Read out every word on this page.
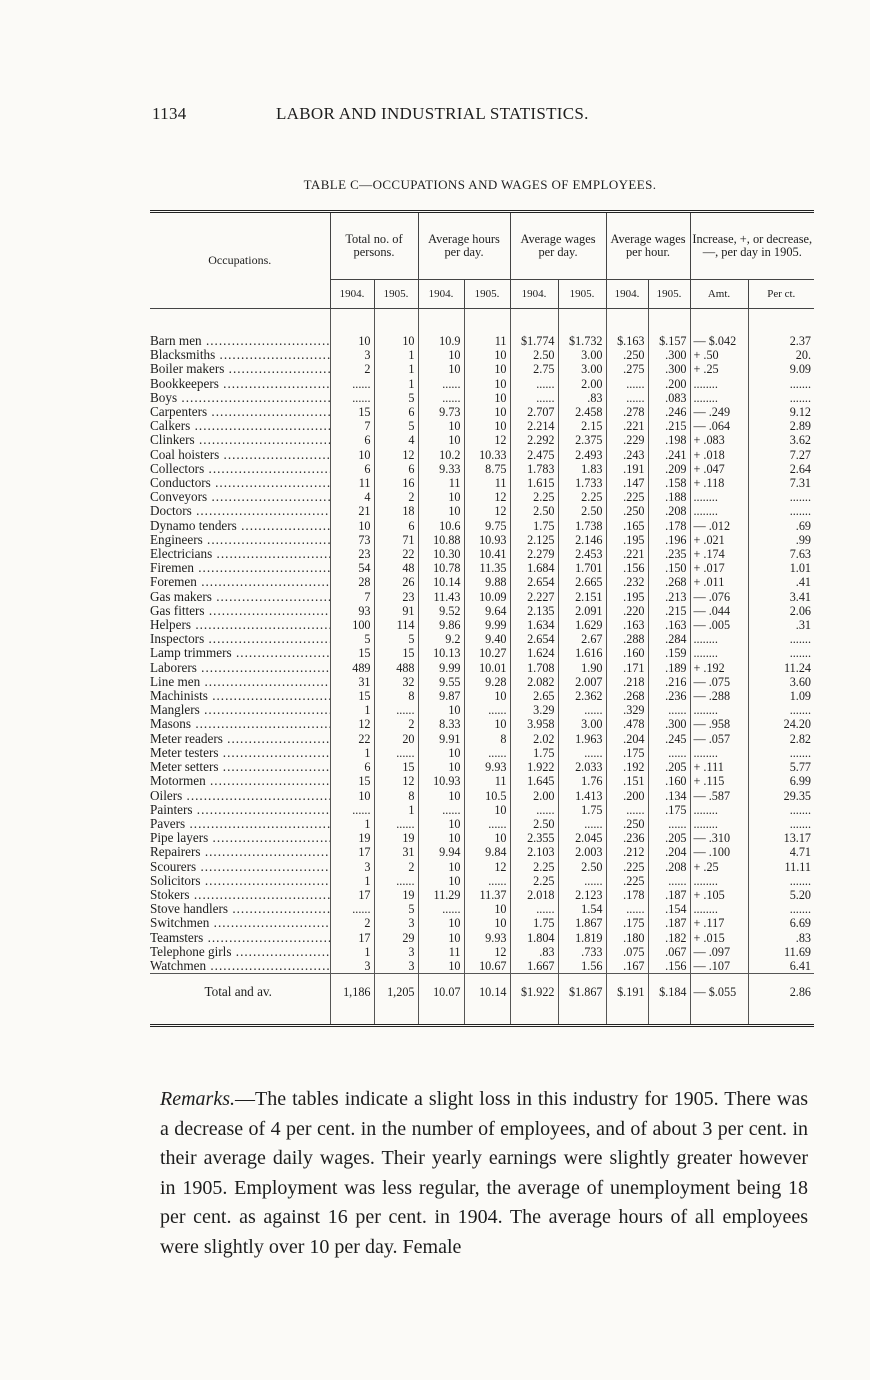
1134	LABOR AND INDUSTRIAL STATISTICS.
TABLE C—OCCUPATIONS AND WAGES OF EMPLOYEES.
Occupations.	Total no. of persons.		Average hours per day.		Average wages per day.		Average wages per hour.		Increase, +, or decrease, —, per day in 1905.	
	1904.	1905.	1904.	1905.	1904.	1905.	1904.	1905.	Amt.	Per ct.

Barn men .....	10	10	10.9	11	$1.774	$1.732	$.163	$.157	— $.042	2.37
Blacksmiths .....	3	1	10	10	2.50	3.00	.250	.300	+ .50	20.
Boiler makers .....	2	1	10	10	2.75	3.00	.275	.300	+ .25	9.09
Bookkeepers .....	......	1	......	10	......	2.00	......	.200	........	.......
Boys .....	......	5	......	10	......	.83	......	.083	........	.......
Carpenters .....	15	6	9.73	10	2.707	2.458	.278	.246	— .249	9.12
Calkers .....	7	5	10	10	2.214	2.15	.221	.215	— .064	2.89
Clinkers .....	6	4	10	12	2.292	2.375	.229	.198	+ .083	3.62
Coal hoisters .....	10	12	10.2	10.33	2.475	2.493	.243	.241	+ .018	7.27
Collectors .....	6	6	9.33	8.75	1.783	1.83	.191	.209	+ .047	2.64
Conductors .....	11	16	11	11	1.615	1.733	.147	.158	+ .118	7.31
Conveyors .....	4	2	10	12	2.25	2.25	.225	.188	........	.......
Doctors .....	21	18	10	12	2.50	2.50	.250	.208	........	.......
Dynamo tenders .....	10	6	10.6	9.75	1.75	1.738	.165	.178	— .012	.69
Engineers .....	73	71	10.88	10.93	2.125	2.146	.195	.196	+ .021	.99
Electricians .....	23	22	10.30	10.41	2.279	2.453	.221	.235	+ .174	7.63
Firemen .....	54	48	10.78	11.35	1.684	1.701	.156	.150	+ .017	1.01
Foremen .....	28	26	10.14	9.88	2.654	2.665	.232	.268	+ .011	.41
Gas makers .....	7	23	11.43	10.09	2.227	2.151	.195	.213	— .076	3.41
Gas fitters .....	93	91	9.52	9.64	2.135	2.091	.220	.215	— .044	2.06
Helpers .....	100	114	9.86	9.99	1.634	1.629	.163	.163	— .005	.31
Inspectors .....	5	5	9.2	9.40	2.654	2.67	.288	.284	........	.......
Lamp trimmers .....	15	15	10.13	10.27	1.624	1.616	.160	.159	........	.......
Laborers .....	489	488	9.99	10.01	1.708	1.90	.171	.189	+ .192	11.24
Line men .....	31	32	9.55	9.28	2.082	2.007	.218	.216	— .075	3.60
Machinists .....	15	8	9.87	10	2.65	2.362	.268	.236	— .288	1.09
Manglers .....	1	......	10	......	3.29	......	.329	......	........	.......
Masons .....	12	2	8.33	10	3.958	3.00	.478	.300	— .958	24.20
Meter readers .....	22	20	9.91	8	2.02	1.963	.204	.245	— .057	2.82
Meter testers .....	1	......	10	......	1.75	......	.175	......	........	.......
Meter setters .....	6	15	10	9.93	1.922	2.033	.192	.205	+ .111	5.77
Motormen .....	15	12	10.93	11	1.645	1.76	.151	.160	+ .115	6.99
Oilers .....	10	8	10	10.5	2.00	1.413	.200	.134	— .587	29.35
Painters .....	......	1	......	10	......	1.75	......	.175	........	.......
Pavers .....	1	......	10	......	2.50	......	.250	......	........	.......
Pipe layers .....	19	19	10	10	2.355	2.045	.236	.205	— .310	13.17
Repairers .....	17	31	9.94	9.84	2.103	2.003	.212	.204	— .100	4.71
Scourers .....	3	2	10	12	2.25	2.50	.225	.208	+ .25	11.11
Solicitors .....	1	......	10	......	2.25	......	.225	......	........	.......
Stokers .....	17	19	11.29	11.37	2.018	2.123	.178	.187	+ .105	5.20
Stove handlers .....	......	5	......	10	......	1.54	......	.154	........	.......
Switchmen .....	2	3	10	10	1.75	1.867	.175	.187	+ .117	6.69
Teamsters .....	17	29	10	9.93	1.804	1.819	.180	.182	+ .015	.83
Telephone girls .....	1	3	11	12	.83	.733	.075	.067	— .097	11.69
Watchmen .....	3	3	10	10.67	1.667	1.56	.167	.156	— .107	6.41
Total and av.	1,186	1,205	10.07	10.14	$1.922	$1.867	$.191	$.184	— $.055	2.86

Remarks.—The tables indicate a slight loss in this industry for 1905. There was a decrease of 4 per cent. in the number of employees, and of about 3 per cent. in their average daily wages. Their yearly earnings were slightly greater however in 1905. Employment was less regular, the average of unemployment being 18 per cent. as against 16 per cent. in 1904. The average hours of all employees were slightly over 10 per day. Female
